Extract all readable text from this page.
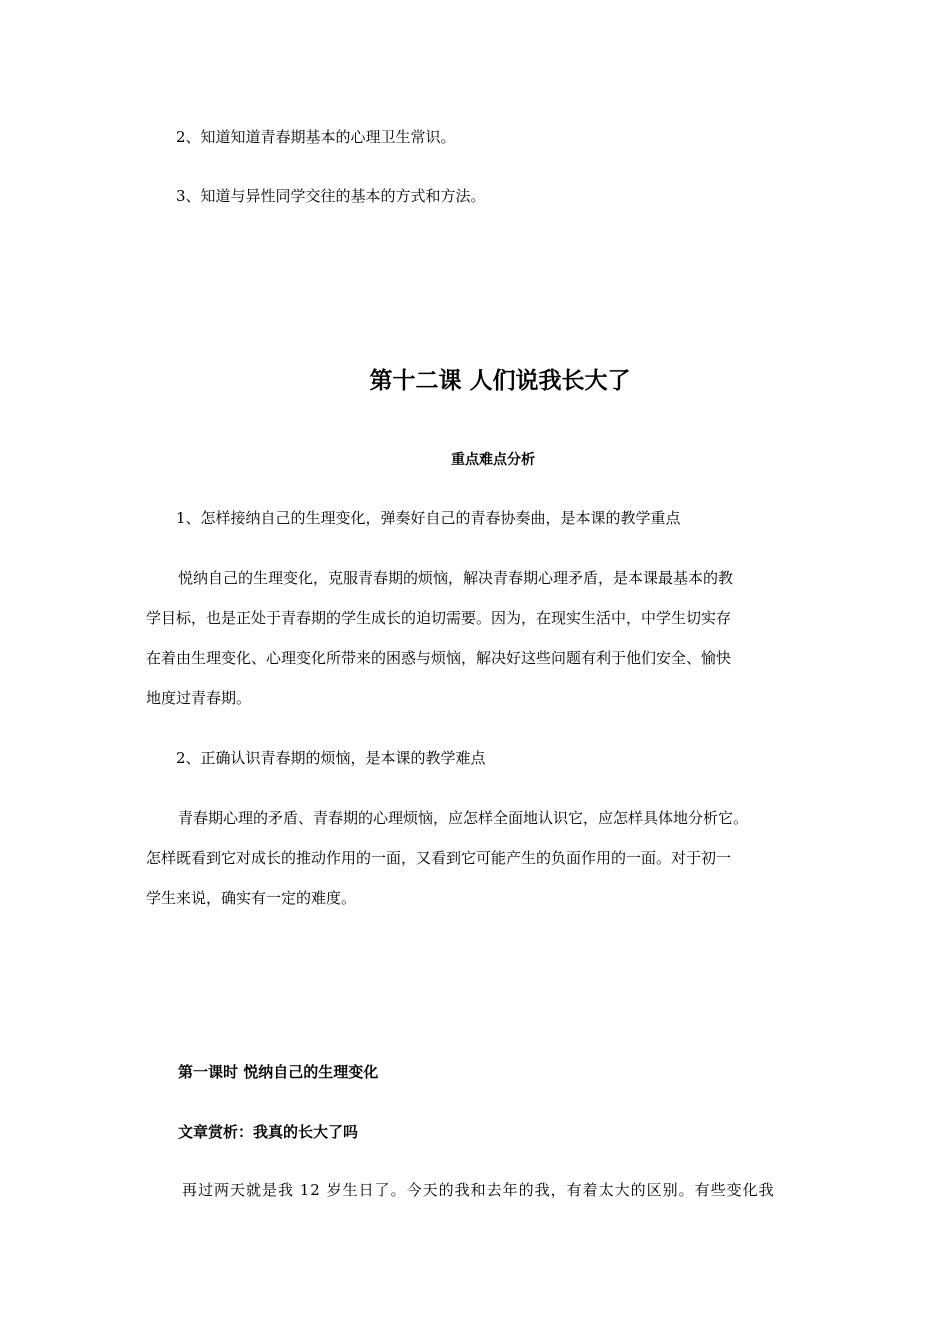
2、知道知道青春期基本的心理卫生常识。
3、知道与异性同学交往的基本的方式和方法。
第十二课 人们说我长大了
重点难点分析
1、怎样接纳自己的生理变化，弹奏好自己的青春协奏曲，是本课的教学重点
悦纳自己的生理变化，克服青春期的烦恼，解决青春期心理矛盾，是本课最基本的教
学目标，也是正处于青春期的学生成长的迫切需要。因为，在现实生活中，中学生切实存
在着由生理变化、心理变化所带来的困惑与烦恼，解决好这些问题有利于他们安全、愉快
地度过青春期。
2、正确认识青春期的烦恼，是本课的教学难点
青春期心理的矛盾、青春期的心理烦恼，应怎样全面地认识它，应怎样具体地分析它。
怎样既看到它对成长的推动作用的一面，又看到它可能产生的负面作用的一面。对于初一
学生来说，确实有一定的难度。
第一课时 悦纳自己的生理变化
文章赏析：我真的长大了吗
再过两天就是我 12 岁生日了。今天的我和去年的我，有着太大的区别。有些变化我
